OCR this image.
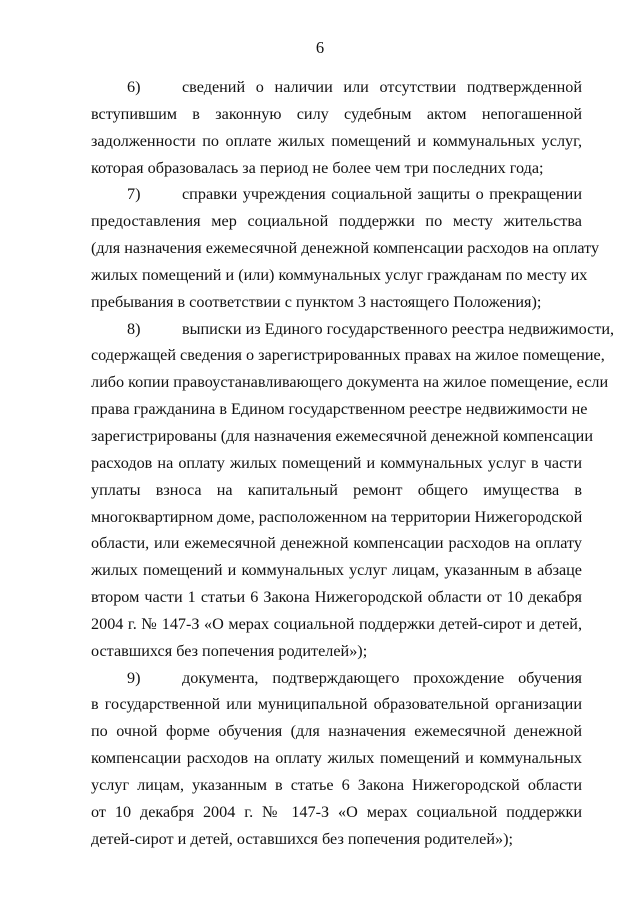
6
6)	сведений о наличии или отсутствии подтвержденной
вступившим в законную силу судебным актом непогашенной
задолженности по оплате жилых помещений и коммунальных услуг,
которая образовалась за период не более чем три последних года;
7)	справки учреждения социальной защиты о прекращении
предоставления мер социальной поддержки по месту жительства
(для назначения ежемесячной денежной компенсации расходов на оплату
жилых помещений и (или) коммунальных услуг гражданам по месту их
пребывания в соответствии с пунктом 3 настоящего Положения);
8)	выписки из Единого государственного реестра недвижимости,
содержащей сведения о зарегистрированных правах на жилое помещение,
либо копии правоустанавливающего документа на жилое помещение, если
права гражданина в Едином государственном реестре недвижимости не
зарегистрированы (для назначения ежемесячной денежной компенсации
расходов на оплату жилых помещений и коммунальных услуг в части
уплаты взноса на капитальный ремонт общего имущества в
многоквартирном доме, расположенном на территории Нижегородской
области, или ежемесячной денежной компенсации расходов на оплату
жилых помещений и коммунальных услуг лицам, указанным в абзаце
втором части 1 статьи 6 Закона Нижегородской области от 10 декабря
2004 г. № 147-З «О мерах социальной поддержки детей-сирот и детей,
оставшихся без попечения родителей»);
9)	документа, подтверждающего прохождение обучения
в государственной или муниципальной образовательной организации
по очной форме обучения (для назначения ежемесячной денежной
компенсации расходов на оплату жилых помещений и коммунальных
услуг лицам, указанным в статье 6 Закона Нижегородской области
от 10 декабря 2004 г. № 147-З «О мерах социальной поддержки
детей-сирот и детей, оставшихся без попечения родителей»);
